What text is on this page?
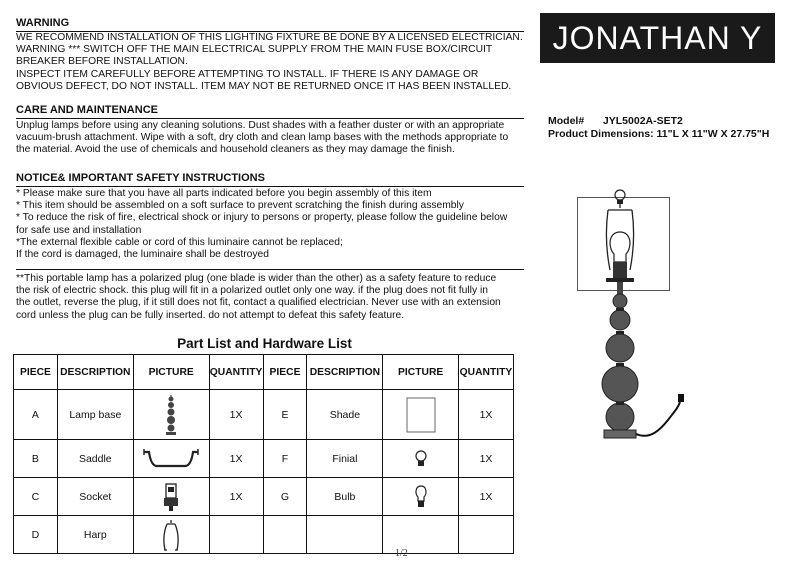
WARNING
WE RECOMMEND INSTALLATION OF THIS LIGHTING FIXTURE BE DONE BY A LICENSED ELECTRICIAN.
WARNING *** SWITCH OFF THE MAIN ELECTRICAL SUPPLY FROM THE MAIN FUSE BOX/CIRCUIT
BREAKER BEFORE INSTALLATION.
INSPECT ITEM CAREFULLY BEFORE ATTEMPTING TO INSTALL. IF THERE IS ANY DAMAGE OR
OBVIOUS DEFECT, DO NOT INSTALL. ITEM MAY NOT BE RETURNED ONCE IT HAS BEEN INSTALLED.
CARE AND MAINTENANCE
Unplug lamps before using any cleaning solutions. Dust shades with a feather duster or with an appropriate
vacuum-brush attachment. Wipe with a soft, dry cloth and clean lamp bases with the methods appropriate to
the material. Avoid the use of chemicals and household cleaners as they may damage the finish.
NOTICE& IMPORTANT SAFETY INSTRUCTIONS
* Please make sure that you have all parts indicated before you begin assembly of this item
* This item should be assembled on a soft surface to prevent scratching the finish during assembly
* To reduce the risk of fire, electrical shock or injury to persons or property, please follow the guideline below
for safe use and installation
*The external flexible cable or cord of this luminaire cannot be replaced;
If the cord is damaged, the luminaire shall be destroyed
**This portable lamp has a polarized plug (one blade is wider than the other) as a safety feature to reduce
the risk of electric shock. this plug will fit in a polarized outlet only one way. if the plug does not fit fully in
the outlet, reverse the plug, if it still does not fit, contact a qualified electrician. Never use with an extension
cord unless the plug can be fully inserted. do not attempt to defeat this safety feature.
JONATHAN Y
Model# JYL5002A-SET2
Product Dimensions: 11"L X 11"W X 27.75"H
Part List and Hardware List
PIECE	DESCRIPTION	PICTURE	QUANTITY	PIECE	DESCRIPTION	PICTURE	QUANTITY
A	Lamp base		1X	E	Shade		1X
B	Saddle		1X	F	Finial		1X
C	Socket		1X	G	Bulb		1X
D	Harp	

1/2
